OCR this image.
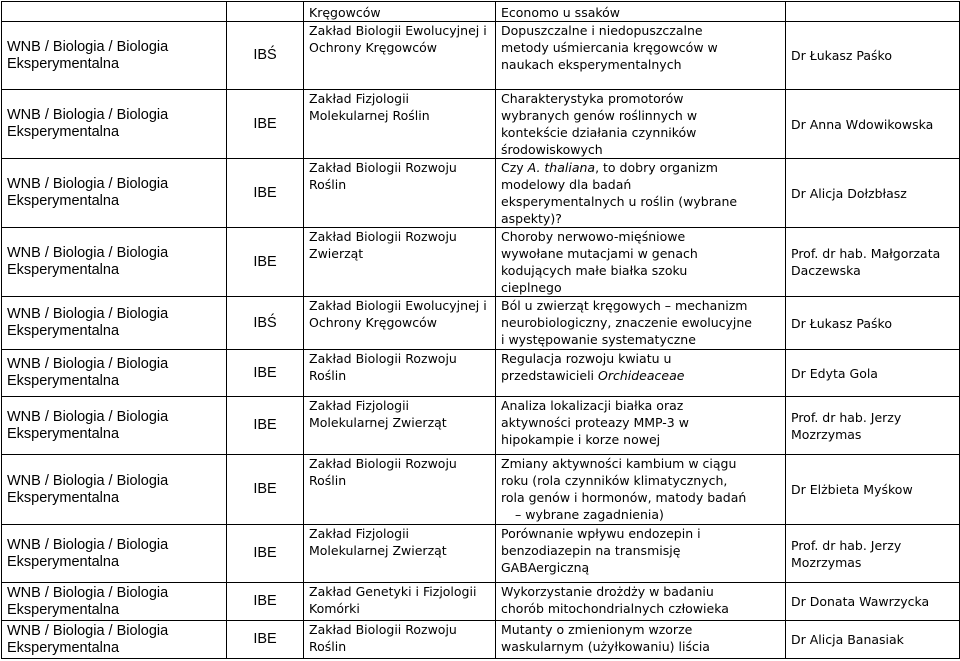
		Kręgowców	Economo u ssaków	
WNB / Biologia / Biologia Eksperymentalna	IBŚ	Zakład Biologii Ewolucyjnej i Ochrony Kręgowców	Dopuszczalne i niedopuszczalne
metody uśmiercania kręgowców w
naukach eksperymentalnych	Dr Łukasz Paśko
WNB / Biologia / Biologia Eksperymentalna	IBE	Zakład Fizjologii Molekularnej Roślin	Charakterystyka promotorów
wybranych genów roślinnych w
kontekście działania czynników
środowiskowych	Dr Anna Wdowikowska
WNB / Biologia / Biologia Eksperymentalna	IBE	Zakład Biologii Rozwoju Roślin	Czy A. thaliana, to dobry organizm
modelowy dla badań
eksperymentalnych u roślin (wybrane
aspekty)?	Dr Alicja Dołzbłasz
WNB / Biologia / Biologia Eksperymentalna	IBE	Zakład Biologii Rozwoju Zwierząt	Choroby nerwowo-mięśniowe
wywołane mutacjami w genach
kodujących małe białka szoku
cieplnego	Prof. dr hab. Małgorzata Daczewska
WNB / Biologia / Biologia Eksperymentalna	IBŚ	Zakład Biologii Ewolucyjnej i Ochrony Kręgowców	Ból u zwierząt kręgowych – mechanizm
neurobiologiczny, znaczenie ewolucyjne
i występowanie systematyczne	Dr Łukasz Paśko
WNB / Biologia / Biologia Eksperymentalna	IBE	Zakład Biologii Rozwoju Roślin	Regulacja rozwoju kwiatu u
przedstawicieli Orchideaceae	Dr Edyta Gola
WNB / Biologia / Biologia Eksperymentalna	IBE	Zakład Fizjologii Molekularnej Zwierząt	Analiza lokalizacji białka oraz
aktywności proteazy MMP-3 w
hipokampie i korze nowej	Prof. dr hab. Jerzy Mozrzymas
WNB / Biologia / Biologia Eksperymentalna	IBE	Zakład Biologii Rozwoju Roślin	Zmiany aktywności kambium w ciągu
roku (rola czynników klimatycznych,
rola genów i hormonów, matody badań
– wybrane zagadnienia)	Dr Elżbieta Myśkow
WNB / Biologia / Biologia Eksperymentalna	IBE	Zakład Fizjologii Molekularnej Zwierząt	Porównanie wpływu endozepin i
benzodiazepin na transmisję
GABAergiczną	Prof. dr hab. Jerzy Mozrzymas
WNB / Biologia / Biologia Eksperymentalna	IBE	Zakład Genetyki i Fizjologii Komórki	Wykorzystanie drożdży w badaniu
chorób mitochondrialnych człowieka	Dr Donata Wawrzycka
WNB / Biologia / Biologia Eksperymentalna	IBE	Zakład Biologii Rozwoju Roślin	Mutanty o zmienionym wzorze
waskularnym (użyłkowaniu) liścia	Dr Alicja Banasiak
